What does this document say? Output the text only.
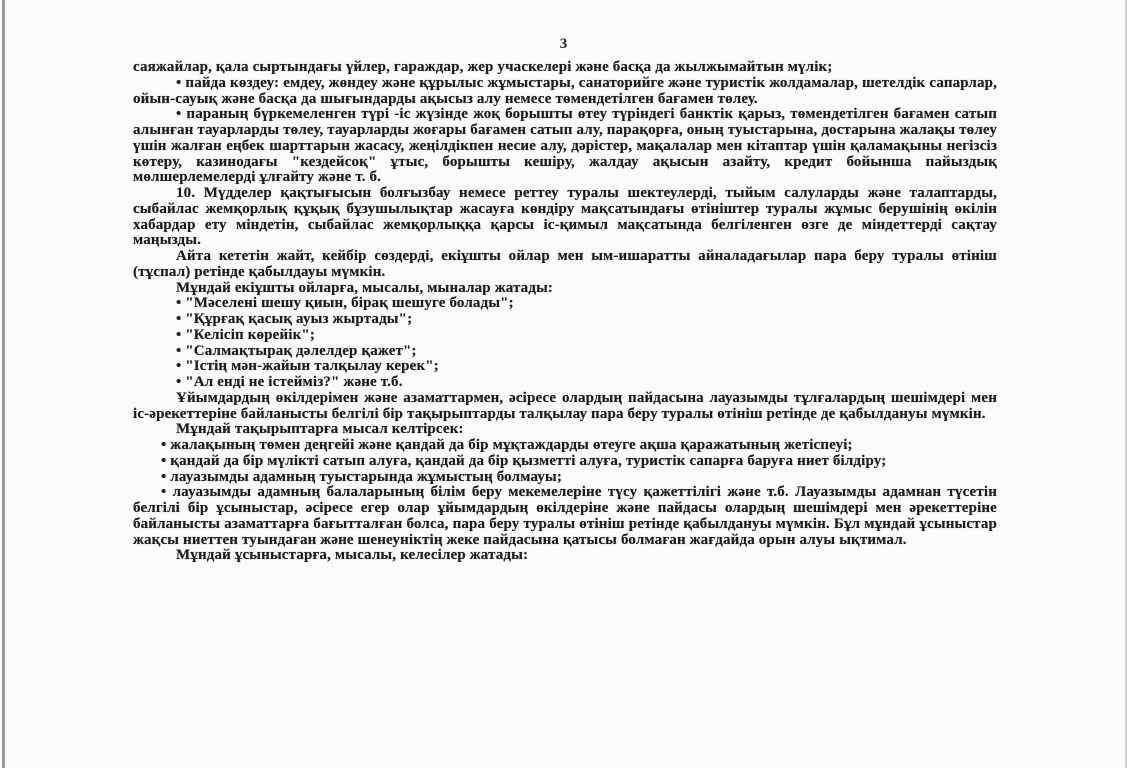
3

саяжайлар, қала сыртындағы үйлер, гараждар, жер учаскелері және басқа да жылжымайтын мүлік;

• пайда көздеу: емдеу, жөндеу және құрылыс жұмыстары, санаторийге және туристік жолдамалар, шетелдік сапарлар, ойын-сауық және басқа да шығындарды ақысыз алу немесе төмендетілген бағамен төлеу.

• параның бүркемеленген түрі -іс жүзінде жоқ борышты өтеу түріндегі банктік қарыз, төмендетілген бағамен сатып алынған тауарларды төлеу, тауарларды жоғары бағамен сатып алу, парақорға, оның туыстарына, достарына жалақы төлеу үшін жалған еңбек шарттарын жасасу, жеңілдікпен несие алу, дәрістер, мақалалар мен кітаптар үшін қаламақыны негізсіз көтеру, казинодағы "кездейсоқ" ұтыс, борышты кешіру, жалдау ақысын азайту, кредит бойынша пайыздық мөлшерлемелерді ұлғайту және т. б.

10. Мүдделер қақтығысын болғызбау немесе реттеу туралы шектеулерді, тыйым салуларды және талаптарды, сыбайлас жемқорлық құқық бұзушылықтар жасауға көндіру мақсатындағы өтініштер туралы жұмыс берушінің өкілін хабардар ету міндетін, сыбайлас жемқорлыққа қарсы іс-қимыл мақсатында белгіленген өзге де міндеттерді сақтау маңызды.

Айта кететін жайт, кейбір сөздерді, екіұшты ойлар мен ым-ишаратты айналадағылар пара беру туралы өтініш (тұспал) ретінде қабылдауы мүмкін.

Мұндай екіұшты ойларға, мысалы, мыналар жатады:

• "Мәселені шешу қиын, бірақ шешуге болады";

• "Құрғақ қасық ауыз жыртады";

• "Келісіп көрейік";

• "Салмақтырақ дәлелдер қажет";

• "Істің мән-жайын талқылау керек";

• "Ал енді не істейміз?" және т.б.

Ұйымдардың өкілдерімен және азаматтармен, әсіресе олардың пайдасына лауазымды тұлғалардың шешімдері мен іс-әрекеттеріне байланысты белгілі бір тақырыптарды талқылау пара беру туралы өтініш ретінде де қабылдануы мүмкін.

Мұндай тақырыптарға мысал келтірсек:

• жалақының төмен деңгейі және қандай да бір мұқтаждарды өтеуге ақша қаражатының жетіспеуі;

• қандай да бір мүлікті сатып алуға, қандай да бір қызметті алуға, туристік сапарға баруға ниет білдіру;

• лауазымды адамның туыстарында жұмыстың болмауы;

• лауазымды адамның балаларының білім беру мекемелеріне түсу қажеттілігі және т.б. Лауазымды адамнан түсетін белгілі бір ұсыныстар, әсіресе егер олар ұйымдардың өкілдеріне және пайдасы олардың шешімдері мен әрекеттеріне байланысты азаматтарға бағытталған болса, пара беру туралы өтініш ретінде қабылдануы мүмкін. Бұл мұндай ұсыныстар жақсы ниеттен туындаған және шенеуніктің жеке пайдасына қатысы болмаған жағдайда орын алуы ықтимал.

Мұндай ұсыныстарға, мысалы, келесілер жатады:
